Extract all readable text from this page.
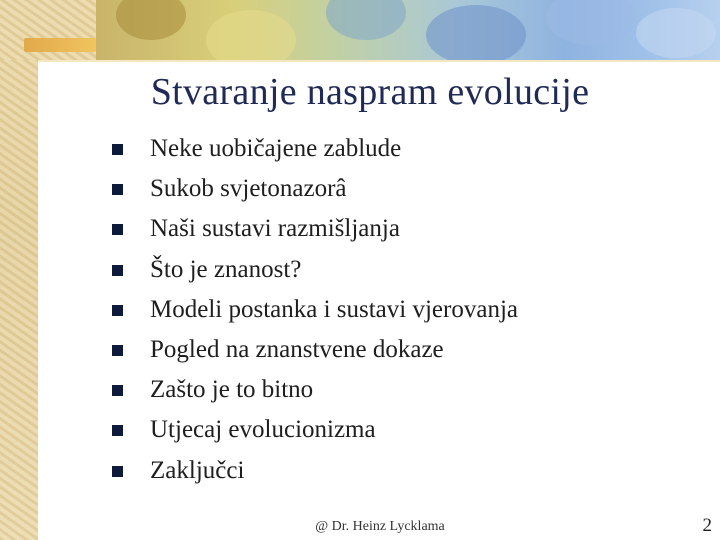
Stvaranje naspram evolucije
Neke uobičajene zablude
Sukob svjetonazorâ
Naši sustavi razmišljanja
Što je znanost?
Modeli postanka i sustavi vjerovanja
Pogled na znanstvene dokaze
Zašto je to bitno
Utjecaj evolucionizma
Zaključci
@ Dr. Heinz Lycklama	2
